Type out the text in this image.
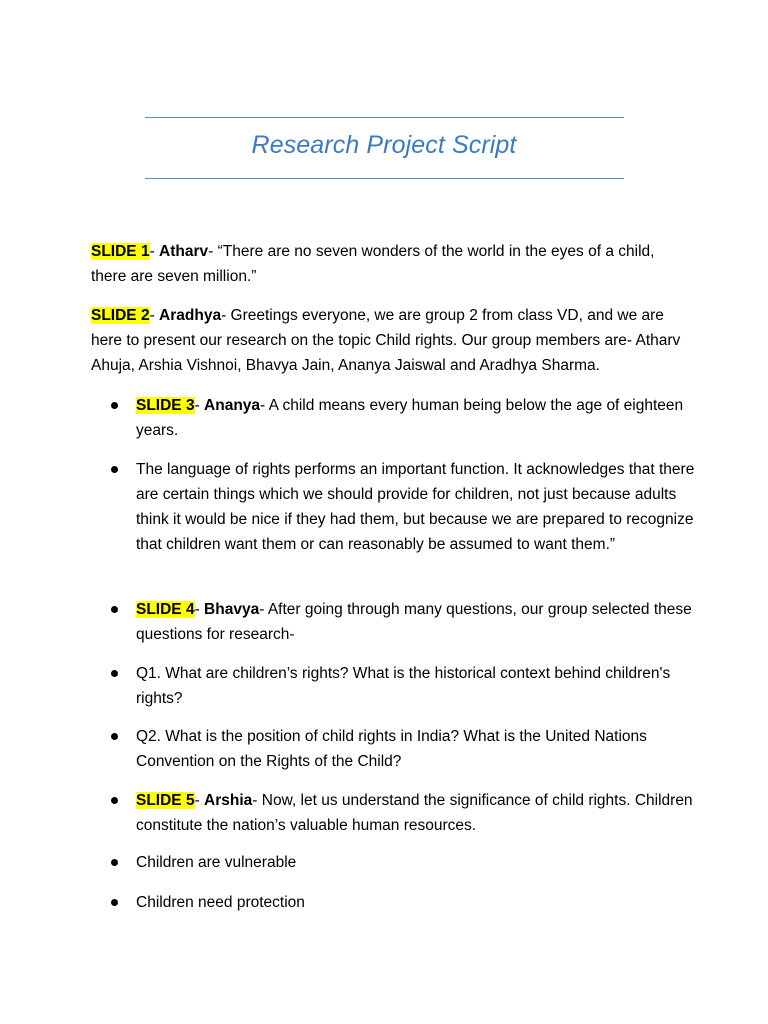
Research Project Script

SLIDE 1- Atharv- “There are no seven wonders of the world in the eyes of a child, there are seven million.”

SLIDE 2- Aradhya- Greetings everyone, we are group 2 from class VD, and we are here to present our research on the topic Child rights. Our group members are- Atharv Ahuja, Arshia Vishnoi, Bhavya Jain, Ananya Jaiswal and Aradhya Sharma.

SLIDE 3- Ananya- A child means every human being below the age of eighteen years.

The language of rights performs an important function. It acknowledges that there are certain things which we should provide for children, not just because adults think it would be nice if they had them, but because we are prepared to recognize that children want them or can reasonably be assumed to want them.”

SLIDE 4- Bhavya- After going through many questions, our group selected these questions for research-

Q1. What are children’s rights? What is the historical context behind children's rights?

Q2. What is the position of child rights in India? What is the United Nations Convention on the Rights of the Child?

SLIDE 5- Arshia- Now, let us understand the significance of child rights. Children constitute the nation’s valuable human resources.

Children are vulnerable

Children need protection
